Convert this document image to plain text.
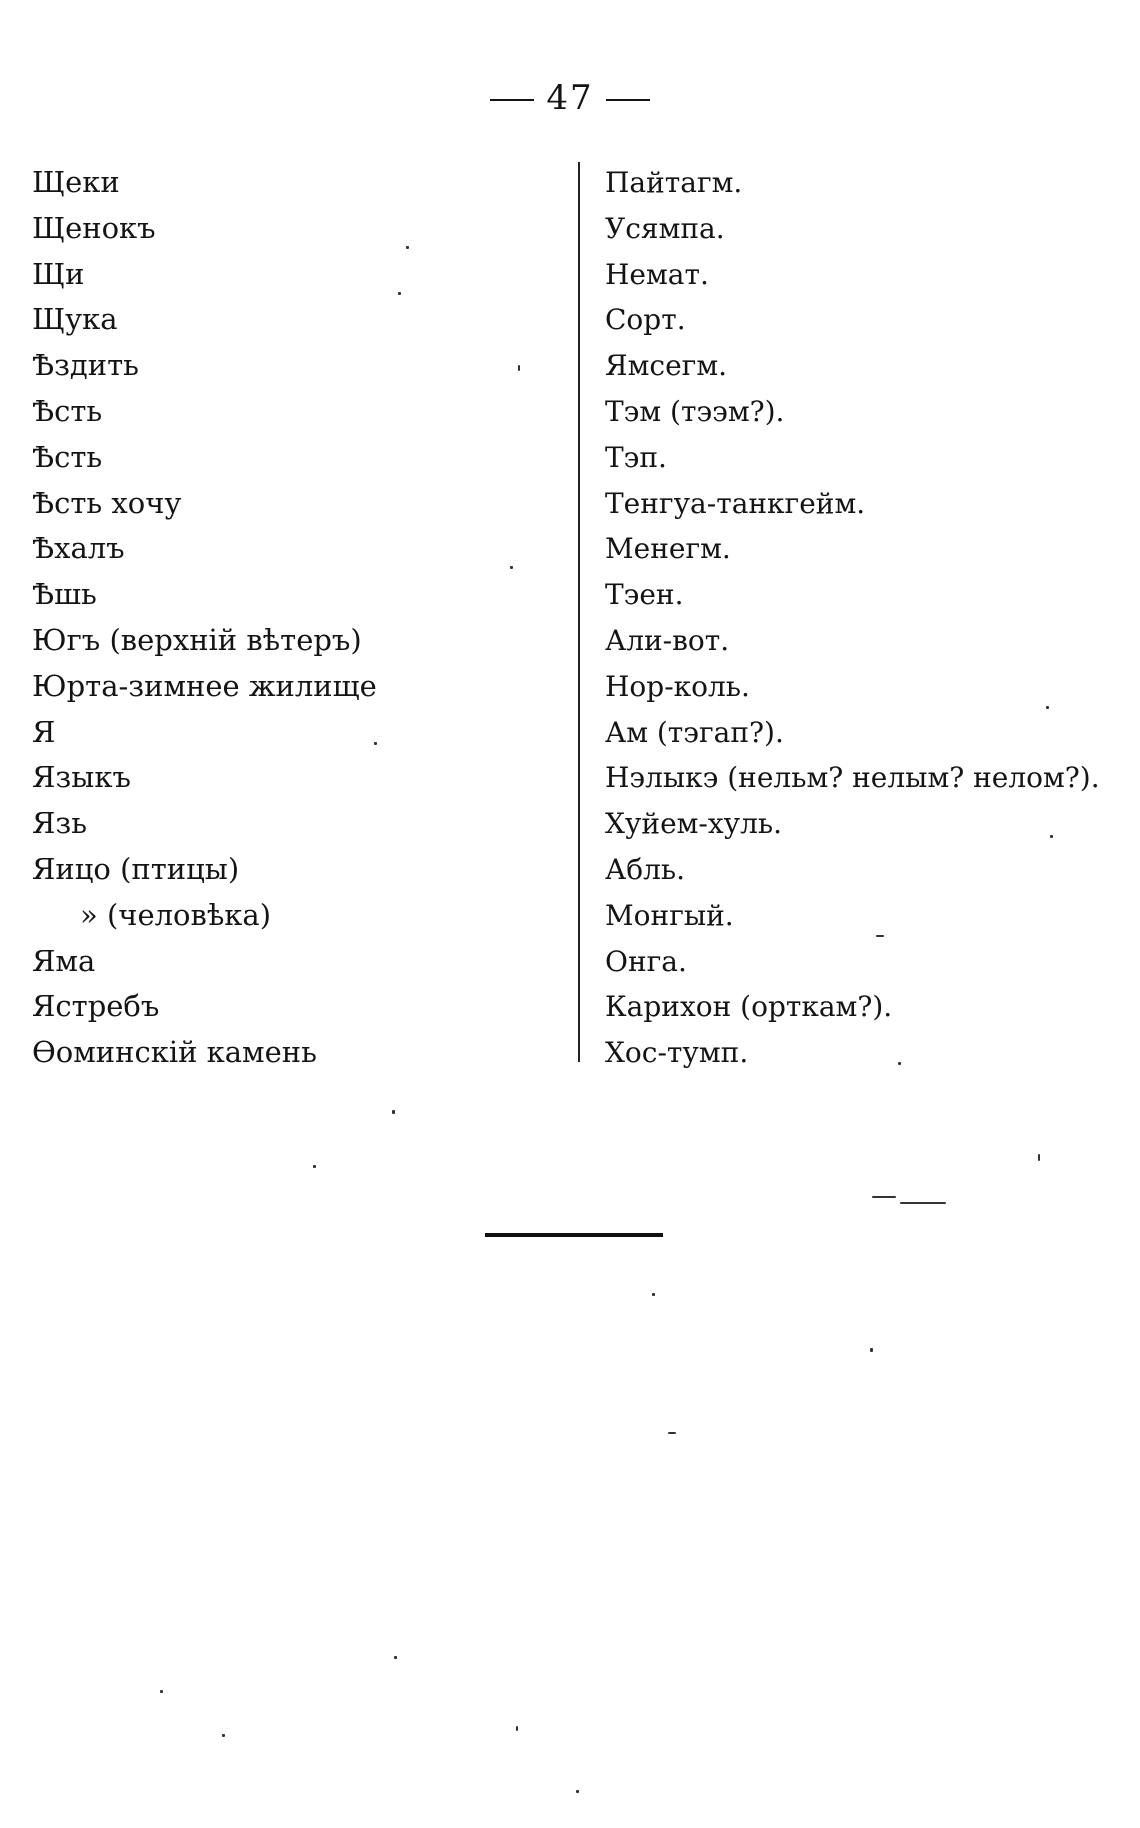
47
Щеки
Щенокъ
Щи
Щука
Ѣздить
Ѣсть
Ѣсть
Ѣсть хочу
Ѣхалъ
Ѣшь
Югъ (верхній вѣтеръ)
Юрта-зимнее жилище
Я
Языкъ
Язь
Яицо (птицы)
» (человѣка)
Яма
Ястребъ
Ѳоминскій камень
Пайтагм.
Усямпа.
Немат.
Сорт.
Ямсегм.
Тэм (тээм?).
Тэп.
Тенгуа-танкгейм.
Менегм.
Тэен.
Али-вот.
Нор-коль.
Ам (тэгап?).
Нэлыкэ (нельм? нелым? нелом?).
Хуйем-хуль.
Абль.
Монгый.
Онга.
Карихон (орткам?).
Хос-тумп.
